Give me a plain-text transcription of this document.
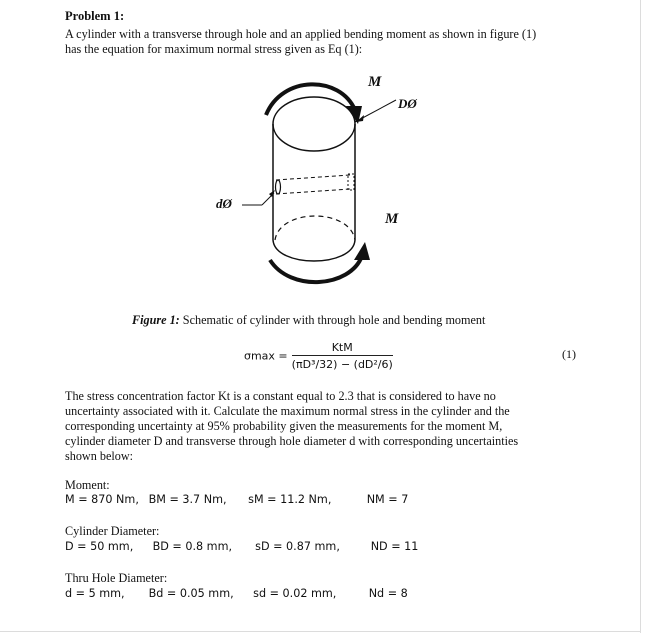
Problem 1:
A cylinder with a transverse through hole and an applied bending moment as shown in figure (1)
has the equation for maximum normal stress given as Eq (1):
M
DØ
dØ
M
Figure 1: Schematic of cylinder with through hole and bending moment
$\sigma\max = \frac{\text{KtM}}{\text{(πD³/32) − (dD²/6)}}$	(1)
The stress concentration factor Kt is a constant equal to 2.3 that is considered to have no
uncertainty associated with it. Calculate the maximum normal stress in the cylinder and the
corresponding uncertainty at 95% probability given the measurements for the moment M,
cylinder diameter D and transverse through hole diameter d with corresponding uncertainties
shown below:
Moment:
M = 870 Nm, BM = 3.7 Nm, sM = 11.2 Nm,	NM = 7
Cylinder Diameter:
D = 50 mm, BD = 0.8 mm, sD = 0.87 mm,	ND = 11
Thru Hole Diameter:
d = 5 mm, Bd = 0.05 mm, sd = 0.02 mm,	Nd = 8
